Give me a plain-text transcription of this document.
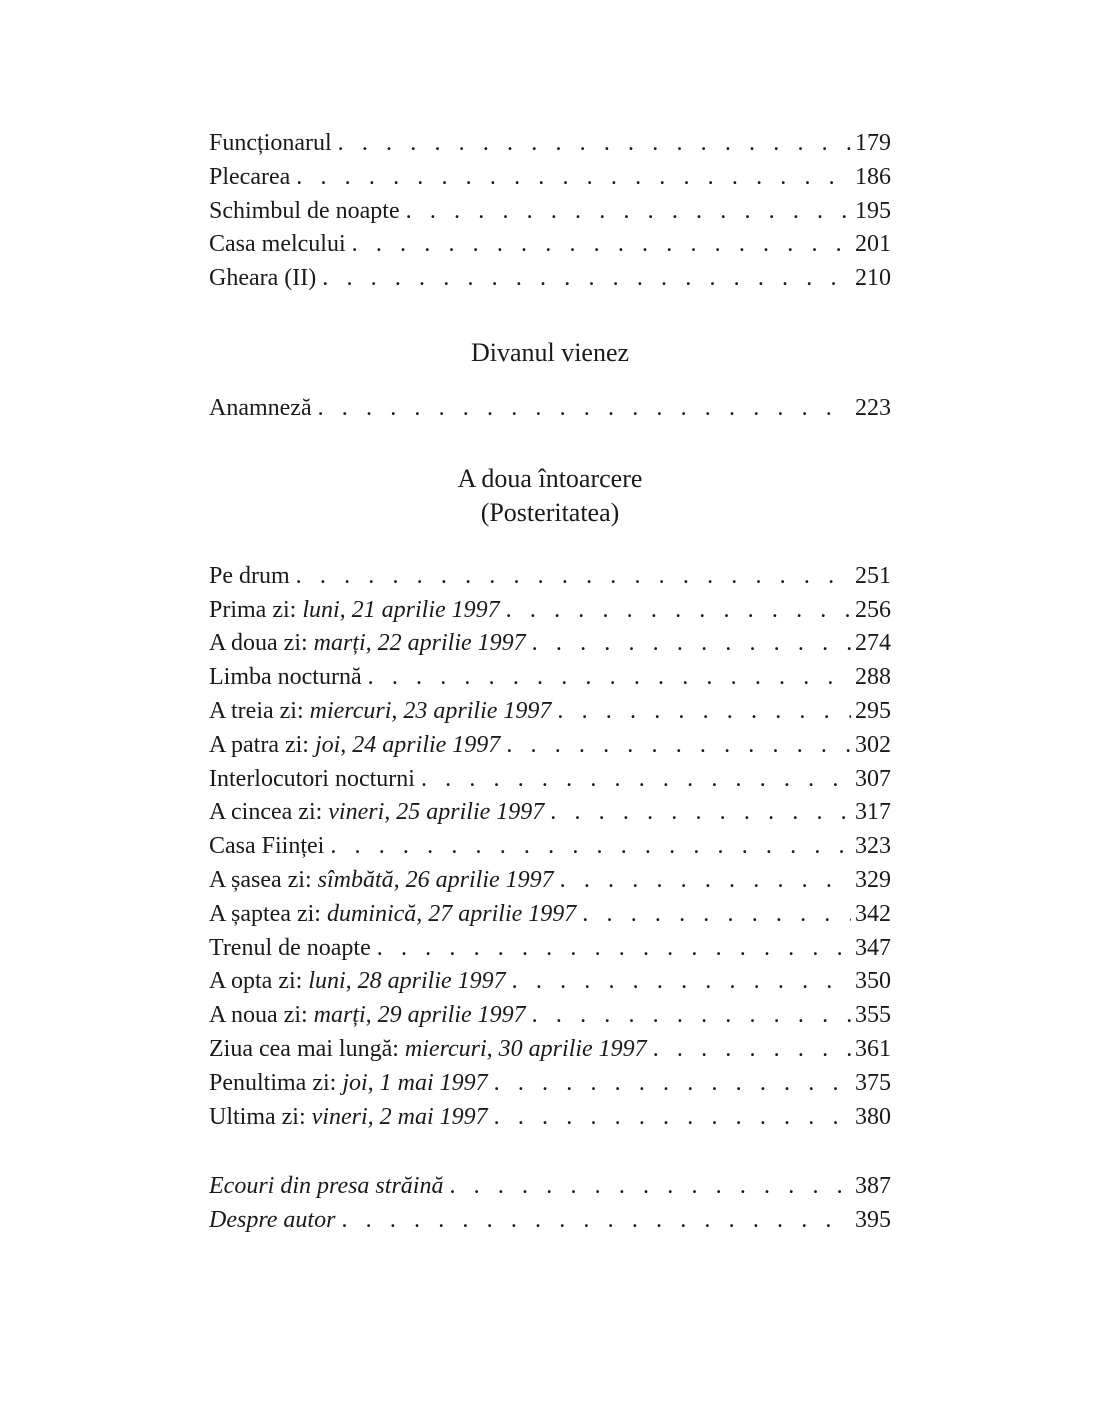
Funcționarul . . .	179
Plecarea . . .	186
Schimbul de noapte . . .	195
Casa melcului . . .	201
Gheara (II) . . .	210
Divanul vienez
Anamneză . . .	223
A doua întoarcere
(Posteritatea)
Pe drum . . .	251
Prima zi: luni, 21 aprilie 1997 . . .	256
A doua zi: marți, 22 aprilie 1997 . . .	274
Limba nocturnă . . .	288
A treia zi: miercuri, 23 aprilie 1997 . . .	295
A patra zi: joi, 24 aprilie 1997 . . .	302
Interlocutori nocturni . . .	307
A cincea zi: vineri, 25 aprilie 1997 . . .	317
Casa Ființei . . .	323
A șasea zi: sîmbătă, 26 aprilie 1997 . . .	329
A șaptea zi: duminică, 27 aprilie 1997 . . .	342
Trenul de noapte . . .	347
A opta zi: luni, 28 aprilie 1997 . . .	350
A noua zi: marți, 29 aprilie 1997 . . .	355
Ziua cea mai lungă: miercuri, 30 aprilie 1997 . . .	361
Penultima zi: joi, 1 mai 1997 . . .	375
Ultima zi: vineri, 2 mai 1997 . . .	380
Ecouri din presa străină . . .	387
Despre autor . . .	395
